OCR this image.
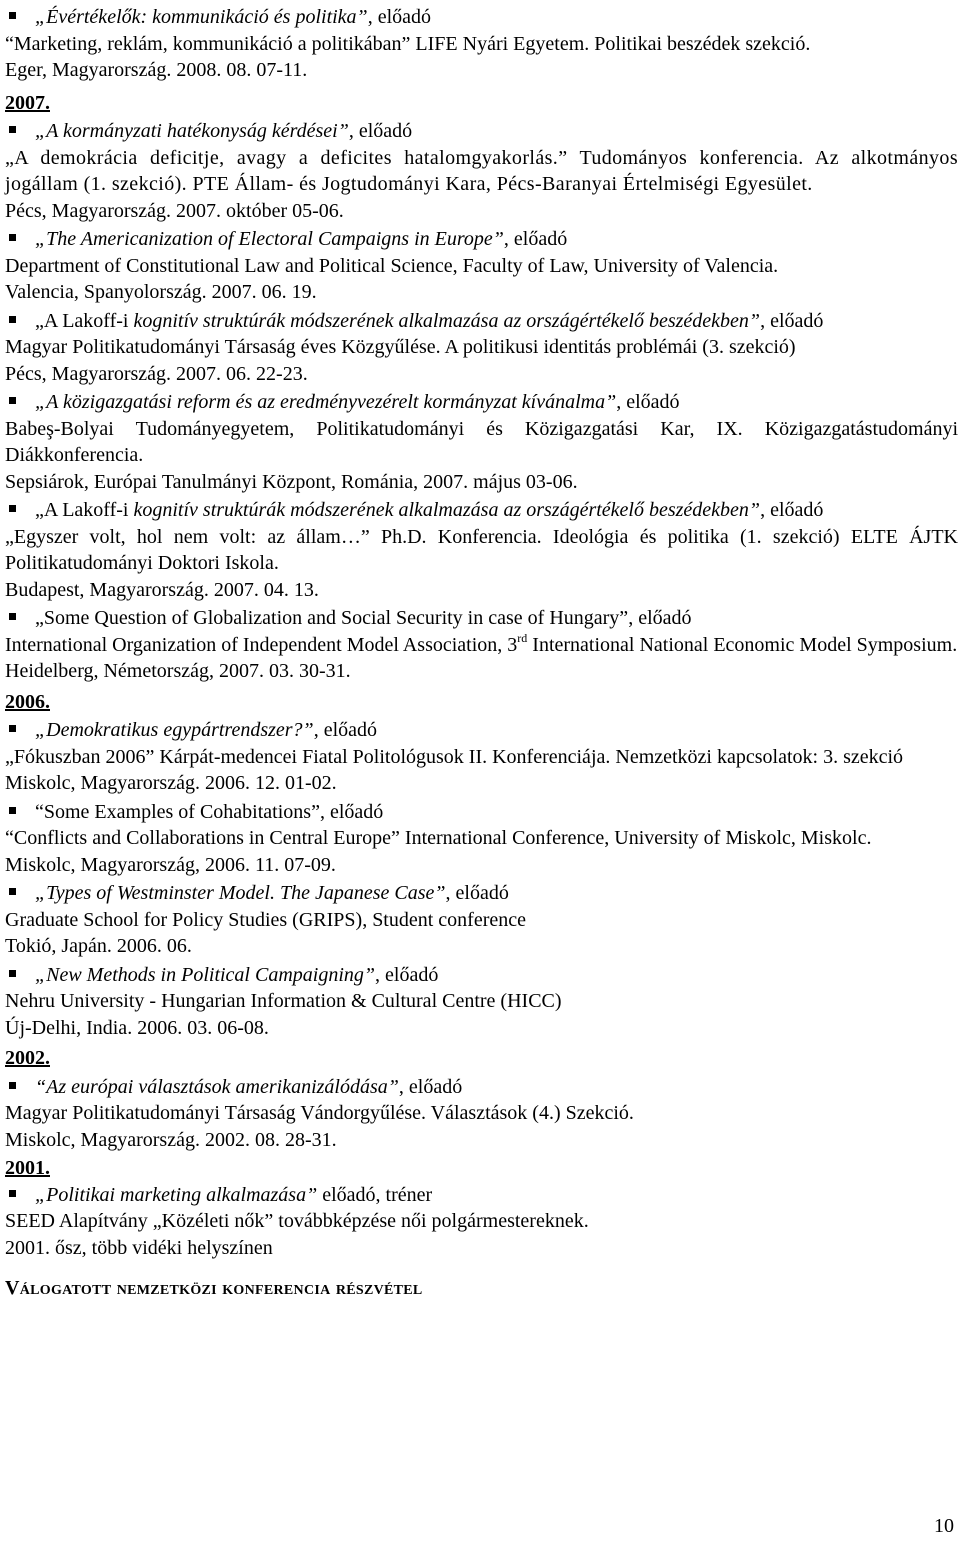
„Évértékelők: kommunikáció és politika”, előadó
“Marketing, reklám, kommunikáció a politikában” LIFE Nyári Egyetem. Politikai beszédek szekció.
Eger, Magyarország. 2008. 08. 07-11.
2007.
„A kormányzati hatékonyság kérdései”, előadó
„A demokrácia deficitje, avagy a deficites hatalomgyakorlás.” Tudományos konferencia. Az alkotmányos jogállam (1. szekció). PTE Állam- és Jogtudományi Kara, Pécs-Baranyai Értelmiségi Egyesület.
Pécs, Magyarország. 2007. október 05-06.
„The Americanization of Electoral Campaigns in Europe”, előadó
Department of Constitutional Law and Political Science, Faculty of Law, University of Valencia.
Valencia, Spanyolország. 2007. 06. 19.
„A Lakoff-i kognitív struktúrák módszerének alkalmazása az országértékelő beszédekben”, előadó
Magyar Politikatudományi Társaság éves Közgyűlése. A politikusi identitás problémái (3. szekció)
Pécs, Magyarország. 2007. 06. 22-23.
„A közigazgatási reform és az eredményvezérelt kormányzat kívánalma”, előadó
Babeş-Bolyai Tudományegyetem, Politikatudományi és Közigazgatási Kar, IX. Közigazgatástudományi Diákkonferencia.
Sepsiárok, Európai Tanulmányi Központ, Románia, 2007. május 03-06.
„A Lakoff-i kognitív struktúrák módszerének alkalmazása az országértékelő beszédekben”, előadó
„Egyszer volt, hol nem volt: az állam…” Ph.D. Konferencia. Ideológia és politika (1. szekció) ELTE ÁJTK Politikatudományi Doktori Iskola.
Budapest, Magyarország. 2007. 04. 13.
„Some Question of Globalization and Social Security in case of Hungary”, előadó
International Organization of Independent Model Association, 3rd International National Economic Model Symposium.
Heidelberg, Németország, 2007. 03. 30-31.
2006.
„Demokratikus egypártrendszer?”, előadó
„Fókuszban 2006” Kárpát-medencei Fiatal Politológusok II. Konferenciája. Nemzetközi kapcsolatok: 3. szekció
Miskolc, Magyarország. 2006. 12. 01-02.
“Some Examples of Cohabitations”, előadó
“Conflicts and Collaborations in Central Europe” International Conference, University of Miskolc, Miskolc.
Miskolc, Magyarország, 2006. 11. 07-09.
„Types of Westminster Model. The Japanese Case”, előadó
Graduate School for Policy Studies (GRIPS), Student conference
Tokió, Japán. 2006. 06.
„New Methods in Political Campaigning”, előadó
Nehru University - Hungarian Information & Cultural Centre (HICC)
Új-Delhi, India. 2006. 03. 06-08.
2002.
“Az európai választások amerikanizálódása”, előadó
Magyar Politikatudományi Társaság Vándorgyűlése. Választások (4.) Szekció.
Miskolc, Magyarország. 2002. 08. 28-31.
2001.
„Politikai marketing alkalmazása” előadó, tréner
SEED Alapítvány „Közéleti nők” továbbképzése női polgármestereknek.
2001. ősz, több vidéki helyszínen
Válogatott nemzetközi konferencia részvétel
10
